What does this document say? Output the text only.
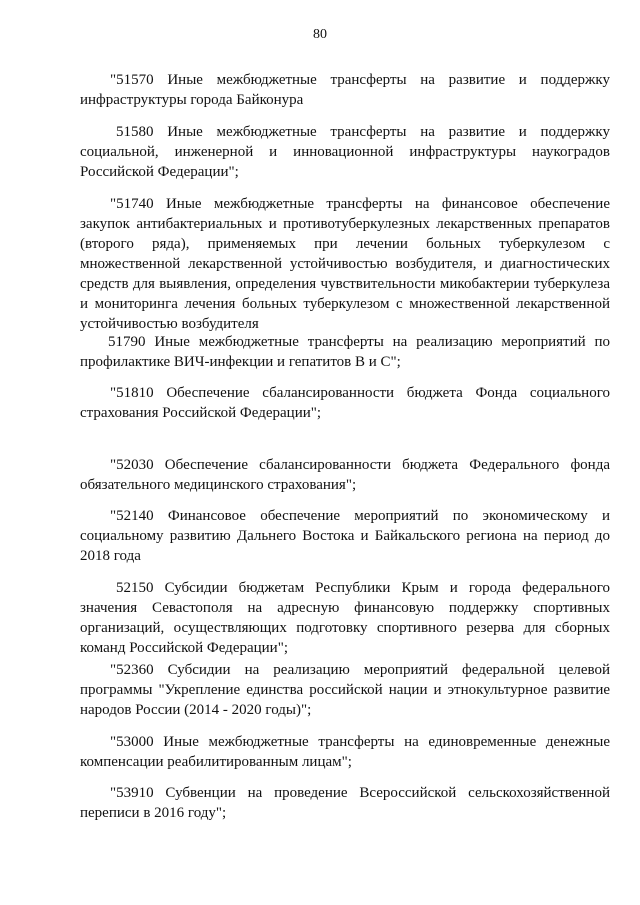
80

"51570 Иные межбюджетные трансферты на развитие и поддержку инфраструктуры города Байконура

51580 Иные межбюджетные трансферты на развитие и поддержку социальной, инженерной и инновационной инфраструктуры наукоградов Российской Федерации";

"51740 Иные межбюджетные трансферты на финансовое обеспечение закупок антибактериальных и противотуберкулезных лекарственных препаратов (второго ряда), применяемых при лечении больных туберкулезом с множественной лекарственной устойчивостью возбудителя, и диагностических средств для выявления, определения чувствительности микобактерии туберкулеза и мониторинга лечения больных туберкулезом с множественной лекарственной устойчивостью возбудителя

51790 Иные межбюджетные трансферты на реализацию мероприятий по профилактике ВИЧ-инфекции и гепатитов В и С";

"51810 Обеспечение сбалансированности бюджета Фонда социального страхования Российской Федерации";

"52030 Обеспечение сбалансированности бюджета Федерального фонда обязательного медицинского страхования";

"52140 Финансовое обеспечение мероприятий по экономическому и социальному развитию Дальнего Востока и Байкальского региона на период до 2018 года

52150 Субсидии бюджетам Республики Крым и города федерального значения Севастополя на адресную финансовую поддержку спортивных организаций, осуществляющих подготовку спортивного резерва для сборных команд Российской Федерации";

"52360 Субсидии на реализацию мероприятий федеральной целевой программы "Укрепление единства российской нации и этнокультурное развитие народов России (2014 - 2020 годы)";

"53000 Иные межбюджетные трансферты на единовременные денежные компенсации реабилитированным лицам";

"53910 Субвенции на проведение Всероссийской сельскохозяйственной переписи в 2016 году";
